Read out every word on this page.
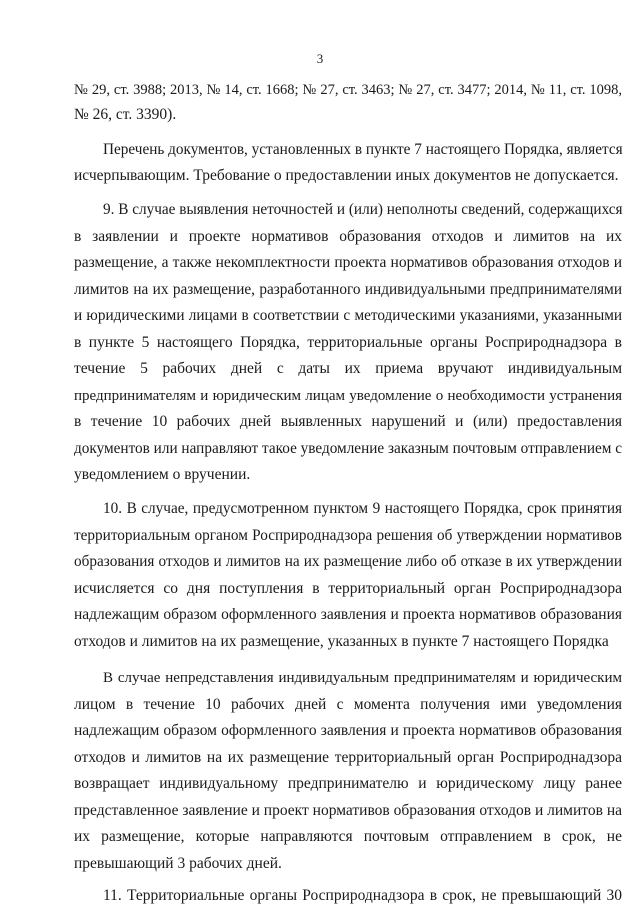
3
№ 29, ст. 3988; 2013, № 14, ст. 1668; № 27, ст. 3463; № 27, ст. 3477; 2014, № 11, ст. 1098,
№ 26, ст. 3390).
Перечень документов, установленных в пункте 7 настоящего Порядка, является
исчерпывающим. Требование о предоставлении иных документов не допускается.
9. В случае выявления неточностей и (или) неполноты сведений, содержащихся
в заявлении и проекте нормативов образования отходов и лимитов на их
размещение, а также некомплектности проекта нормативов образования отходов и
лимитов на их размещение, разработанного индивидуальными предпринимателями
и юридическими лицами в соответствии с методическими указаниями, указанными
в пункте 5 настоящего Порядка, территориальные органы Росприроднадзора в
течение 5 рабочих дней с даты их приема вручают индивидуальным
предпринимателям и юридическим лицам уведомление о необходимости устранения
в течение 10 рабочих дней выявленных нарушений и (или) предоставления
документов или направляют такое уведомление заказным почтовым отправлением с
уведомлением о вручении.
10. В случае, предусмотренном пунктом 9 настоящего Порядка, срок принятия
территориальным органом Росприроднадзора решения об утверждении нормативов
образования отходов и лимитов на их размещение либо об отказе в их утверждении
исчисляется со дня поступления в территориальный орган Росприроднадзора
надлежащим образом оформленного заявления и проекта нормативов образования
отходов и лимитов на их размещение, указанных в пункте 7 настоящего Порядка
В случае непредставления индивидуальным предпринимателям и юридическим
лицом в течение 10 рабочих дней с момента получения ими уведомления
надлежащим образом оформленного заявления и проекта нормативов образования
отходов и лимитов на их размещение территориальный орган Росприроднадзора
возвращает индивидуальному предпринимателю и юридическому лицу ранее
представленное заявление и проект нормативов образования отходов и лимитов на
их размещение, которые направляются почтовым отправлением в срок, не
превышающий 3 рабочих дней.
11. Территориальные органы Росприроднадзора в срок, не превышающий 30
